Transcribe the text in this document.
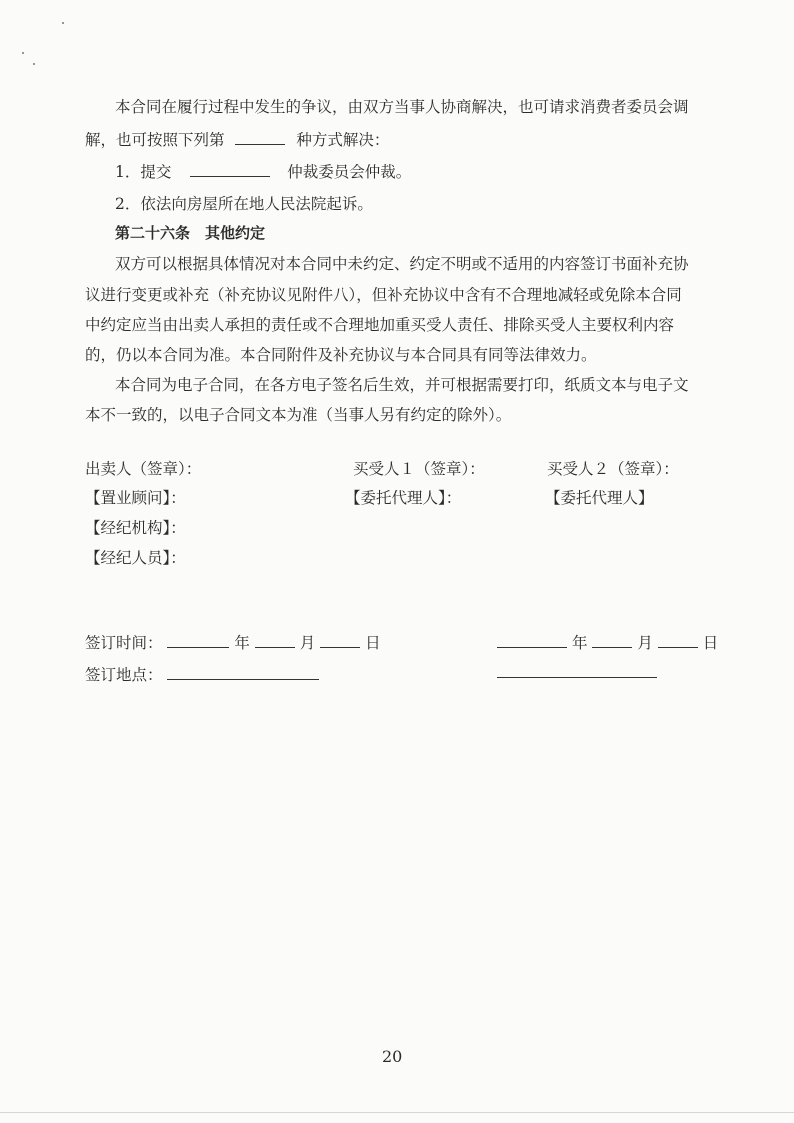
本合同在履行过程中发生的争议，由双方当事人协商解决，也可请求消费者委员会调
解，也可按照下列第	种方式解决：
1．提交	仲裁委员会仲裁。
2．依法向房屋所在地人民法院起诉。
第二十六条　其他约定
双方可以根据具体情况对本合同中未约定、约定不明或不适用的内容签订书面补充协
议进行变更或补充（补充协议见附件八），但补充协议中含有不合理地减轻或免除本合同
中约定应当由出卖人承担的责任或不合理地加重买受人责任、排除买受人主要权利内容
的，仍以本合同为准。本合同附件及补充协议与本合同具有同等法律效力。
本合同为电子合同，在各方电子签名后生效，并可根据需要打印，纸质文本与电子文
本不一致的，以电子合同文本为准（当事人另有约定的除外）。
出卖人（签章）：	买受人１（签章）：	买受人２（签章）：
【置业顾问】：	【委托代理人】：	【委托代理人】
【经纪机构】：
【经纪人员】：
签订时间：	年	月	日	年	月	日
签订地点：
20
